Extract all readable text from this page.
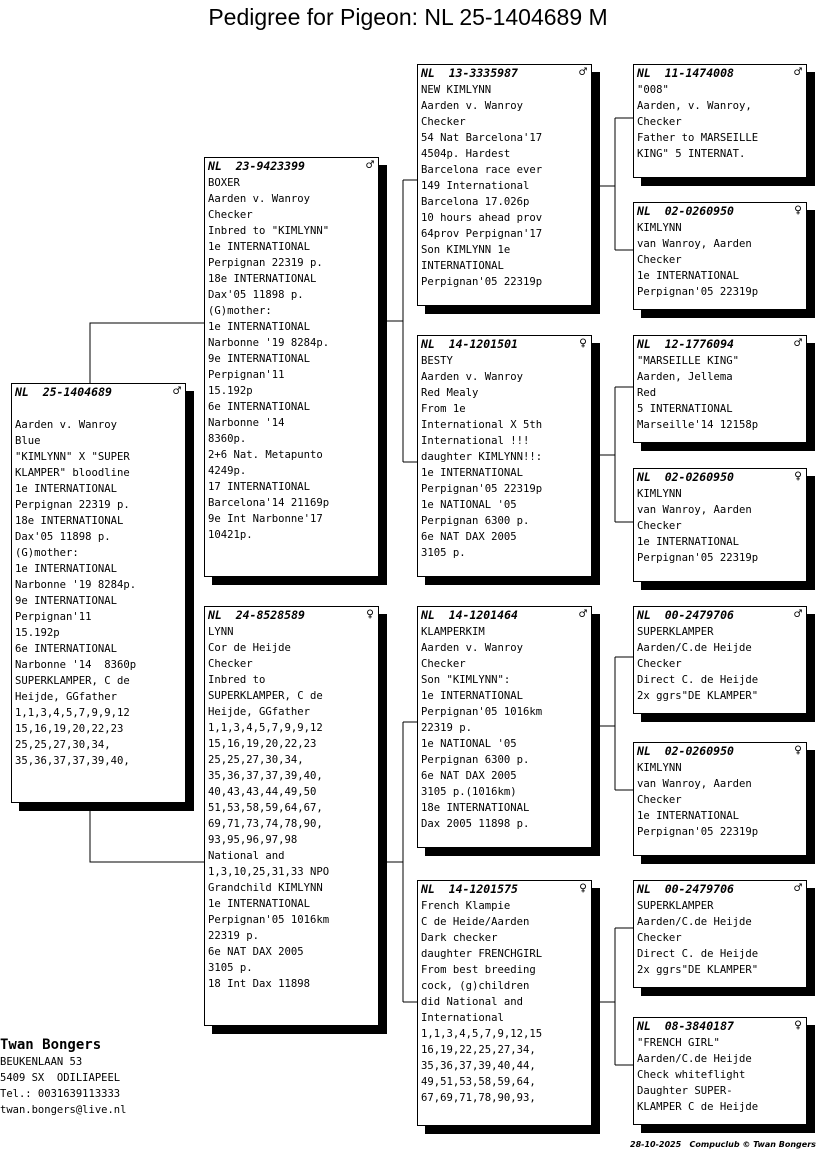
Pedigree for Pigeon: NL 25-1404689 M
NL  25-1404689	♂

Aarden v. Wanroy
Blue
"KIMLYNN" X "SUPER
KLAMPER" bloodline
1e INTERNATIONAL
Perpignan 22319 p.
18e INTERNATIONAL
Dax'05 11898 p.
(G)mother:
1e INTERNATIONAL
Narbonne '19 8284p.
9e INTERNATIONAL
Perpignan'11
15.192p
6e INTERNATIONAL
Narbonne '14  8360p
SUPERKLAMPER, C de
Heijde, GGfather
1,1,3,4,5,7,9,9,12
15,16,19,20,22,23
25,25,27,30,34,
35,36,37,37,39,40,
NL  23-9423399	♂
BOXER
Aarden v. Wanroy
Checker
Inbred to "KIMLYNN"
1e INTERNATIONAL
Perpignan 22319 p.
18e INTERNATIONAL
Dax'05 11898 p.
(G)mother:
1e INTERNATIONAL
Narbonne '19 8284p.
9e INTERNATIONAL
Perpignan'11
15.192p
6e INTERNATIONAL
Narbonne '14
8360p.
2+6 Nat. Metapunto
4249p.
17 INTERNATIONAL
Barcelona'14 21169p
9e Int Narbonne'17
10421p.
NL  24-8528589	♀
LYNN
Cor de Heijde
Checker
Inbred to
SUPERKLAMPER, C de
Heijde, GGfather
1,1,3,4,5,7,9,9,12
15,16,19,20,22,23
25,25,27,30,34,
35,36,37,37,39,40,
40,43,43,44,49,50
51,53,58,59,64,67,
69,71,73,74,78,90,
93,95,96,97,98
National and
1,3,10,25,31,33 NPO
Grandchild KIMLYNN
1e INTERNATIONAL
Perpignan'05 1016km
22319 p.
6e NAT DAX 2005
3105 p.
18 Int Dax 11898
NL  13-3335987	♂
NEW KIMLYNN
Aarden v. Wanroy
Checker
54 Nat Barcelona'17
4504p. Hardest
Barcelona race ever
149 International
Barcelona 17.026p
10 hours ahead prov
64prov Perpignan'17
Son KIMLYNN 1e
INTERNATIONAL
Perpignan'05 22319p
NL  14-1201501	♀
BESTY
Aarden v. Wanroy
Red Mealy
From 1e
International X 5th
International !!!
daughter KIMLYNN!!:
1e INTERNATIONAL
Perpignan'05 22319p
1e NATIONAL '05
Perpignan 6300 p.
6e NAT DAX 2005
3105 p.
NL  14-1201464	♂
KLAMPERKIM
Aarden v. Wanroy
Checker
Son "KIMLYNN":
1e INTERNATIONAL
Perpignan'05 1016km
22319 p.
1e NATIONAL '05
Perpignan 6300 p.
6e NAT DAX 2005
3105 p.(1016km)
18e INTERNATIONAL
Dax 2005 11898 p.
NL  14-1201575	♀
French Klampie
C de Heide/Aarden
Dark checker
daughter FRENCHGIRL
From best breeding
cock, (g)children
did National and
International
1,1,3,4,5,7,9,12,15
16,19,22,25,27,34,
35,36,37,39,40,44,
49,51,53,58,59,64,
67,69,71,78,90,93,
NL  11-1474008	♂
"008"
Aarden, v. Wanroy,
Checker
Father to MARSEILLE
KING" 5 INTERNAT.
NL  02-0260950	♀
KIMLYNN
van Wanroy, Aarden
Checker
1e INTERNATIONAL
Perpignan'05 22319p
NL  12-1776094	♂
"MARSEILLE KING"
Aarden, Jellema
Red
5 INTERNATIONAL
Marseille'14 12158p
NL  02-0260950	♀
KIMLYNN
van Wanroy, Aarden
Checker
1e INTERNATIONAL
Perpignan'05 22319p
NL  00-2479706	♂
SUPERKLAMPER
Aarden/C.de Heijde
Checker
Direct C. de Heijde
2x ggrs"DE KLAMPER"
NL  02-0260950	♀
KIMLYNN
van Wanroy, Aarden
Checker
1e INTERNATIONAL
Perpignan'05 22319p
NL  00-2479706	♂
SUPERKLAMPER
Aarden/C.de Heijde
Checker
Direct C. de Heijde
2x ggrs"DE KLAMPER"
NL  08-3840187	♀
"FRENCH GIRL"
Aarden/C.de Heijde
Check whiteflight
Daughter SUPER-
KLAMPER C de Heijde
Twan Bongers
BEUKENLAAN 53
5409 SX  ODILIAPEEL
Tel.: 0031639113333
twan.bongers@live.nl
28-10-2025   Compuclub © Twan Bongers
